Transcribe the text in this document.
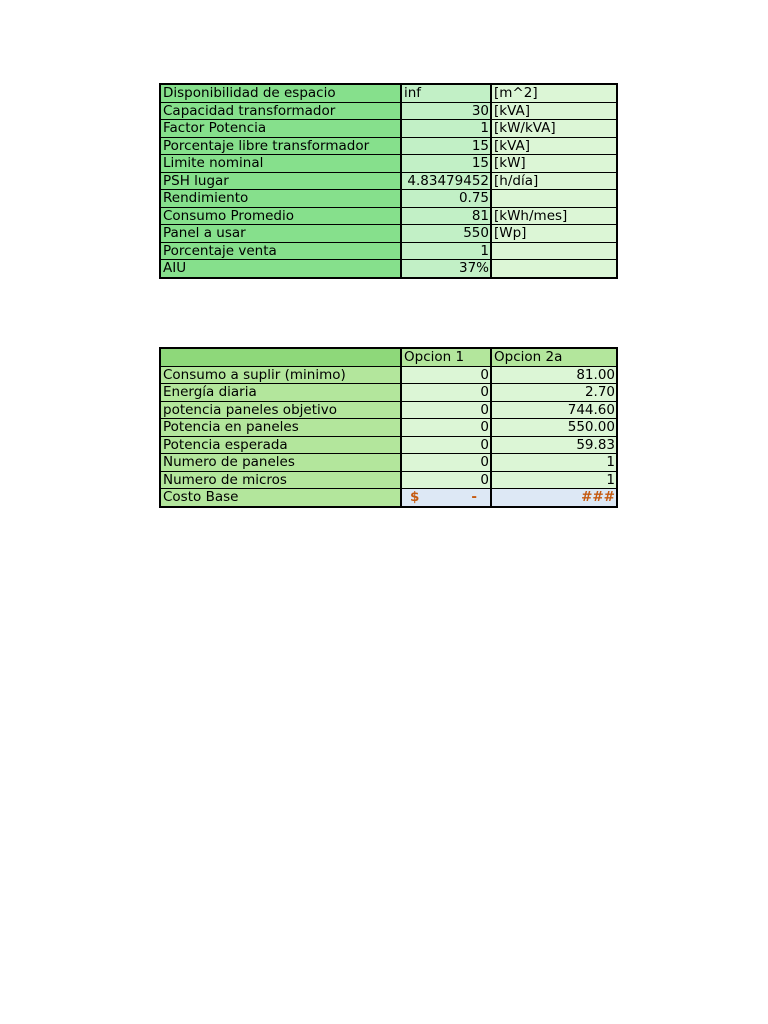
Disponibilidad de espacio	inf	[m^2]
Capacidad transformador	30	[kVA]
Factor Potencia	1	[kW/kVA]
Porcentaje libre transformador	15	[kVA]
Limite nominal	15	[kW]
PSH lugar	4.83479452	[h/día]
Rendimiento	0.75	
Consumo Promedio	81	[kWh/mes]
Panel a usar	550	[Wp]
Porcentaje venta	1	
AIU	37%	
	Opcion 1	Opcion 2a
Consumo a suplir (minimo)	0	81.00
Energía diaria	0	2.70
potencia paneles objetivo	0	744.60
Potencia en paneles	0	550.00
Potencia esperada	0	59.83
Numero de paneles	0	1
Numero de micros	0	1
Costo Base	$ -	###
